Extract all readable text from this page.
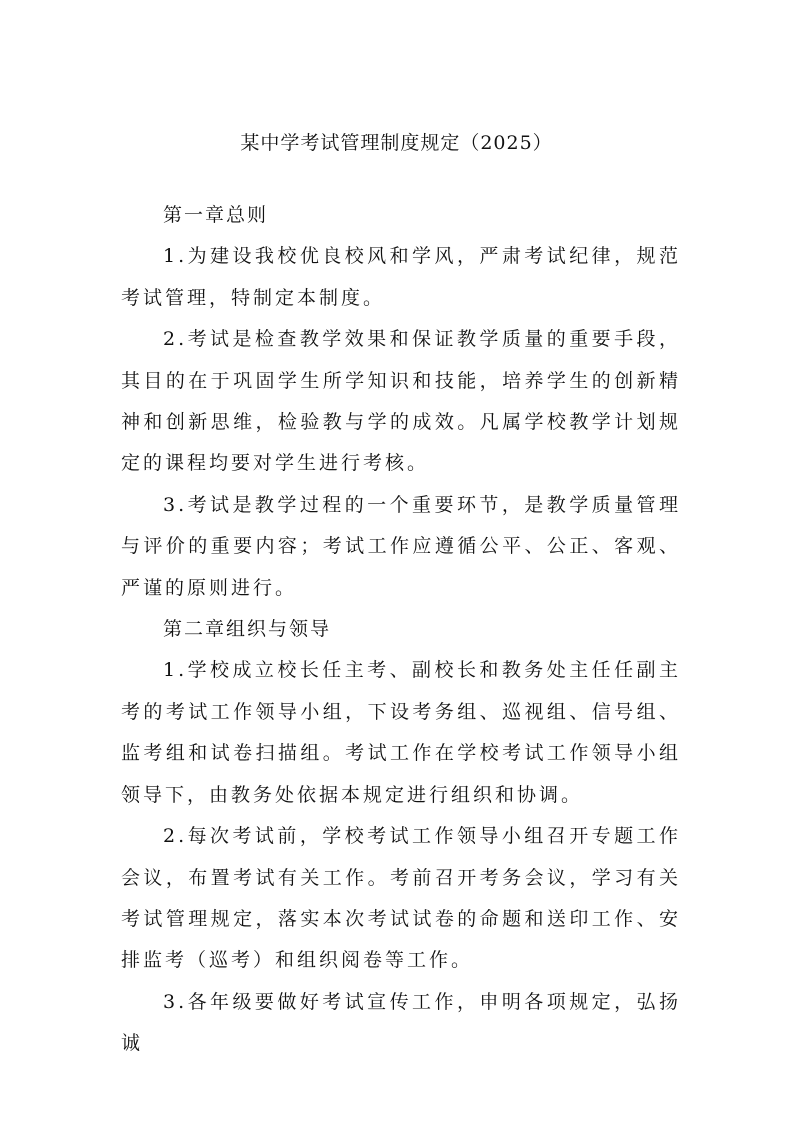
某中学考试管理制度规定（2025）

第一章总则

1.为建设我校优良校风和学风，严肃考试纪律，规范考试管理，特制定本制度。

2.考试是检查教学效果和保证教学质量的重要手段，其目的在于巩固学生所学知识和技能，培养学生的创新精神和创新思维，检验教与学的成效。凡属学校教学计划规定的课程均要对学生进行考核。

3.考试是教学过程的一个重要环节，是教学质量管理与评价的重要内容；考试工作应遵循公平、公正、客观、严谨的原则进行。

第二章组织与领导

1.学校成立校长任主考、副校长和教务处主任任副主考的考试工作领导小组，下设考务组、巡视组、信号组、监考组和试卷扫描组。考试工作在学校考试工作领导小组领导下，由教务处依据本规定进行组织和协调。

2.每次考试前，学校考试工作领导小组召开专题工作会议，布置考试有关工作。考前召开考务会议，学习有关考试管理规定，落实本次考试试卷的命题和送印工作、安排监考（巡考）和组织阅卷等工作。

3.各年级要做好考试宣传工作，申明各项规定，弘扬诚
